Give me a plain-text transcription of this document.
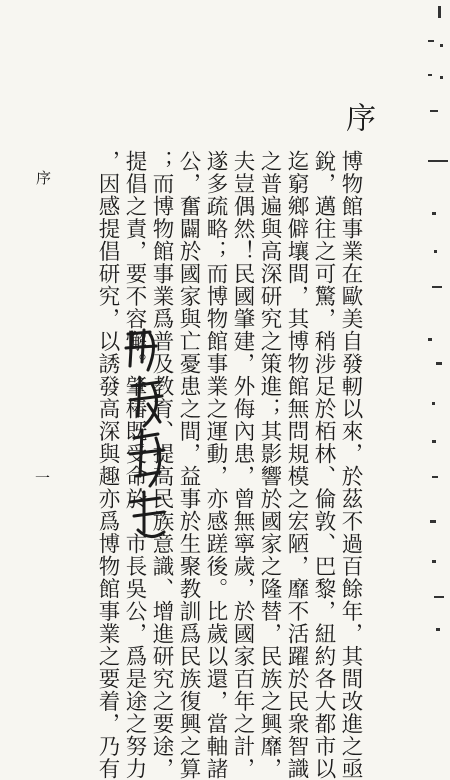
序
博物館事業在歐美自發軔以來，於茲不過百餘年，其間改進之亟
銳，邁往之可驚，稍涉足於栢林、倫敦、巴黎，紐約各大都市以
迄窮鄉僻壤間，其博物館無問規模之宏陋，靡不活躍於民衆智識
之普遍與高深研究之策進；其影響於國家之隆替，民族之興靡，
夫豈偶然！民國肇建，外侮內患，曾無寧歲，於國家百年之計，
遂多疏略；而博物館事業之運動，亦感蹉後。比歲以還，當軸諸
公，奮闢於國家與亡憂患之間，益事於生聚教訓爲民族復興之算
；而博物館事業爲普及教育、提高民族意識、增進研究之要途，
提倡之責，要不容懈。肇椿既受命於　市長吳公，爲是途之努力
，因感提倡研究，以誘發高深與趣亦爲博物館事業之要着，乃有
序
一
